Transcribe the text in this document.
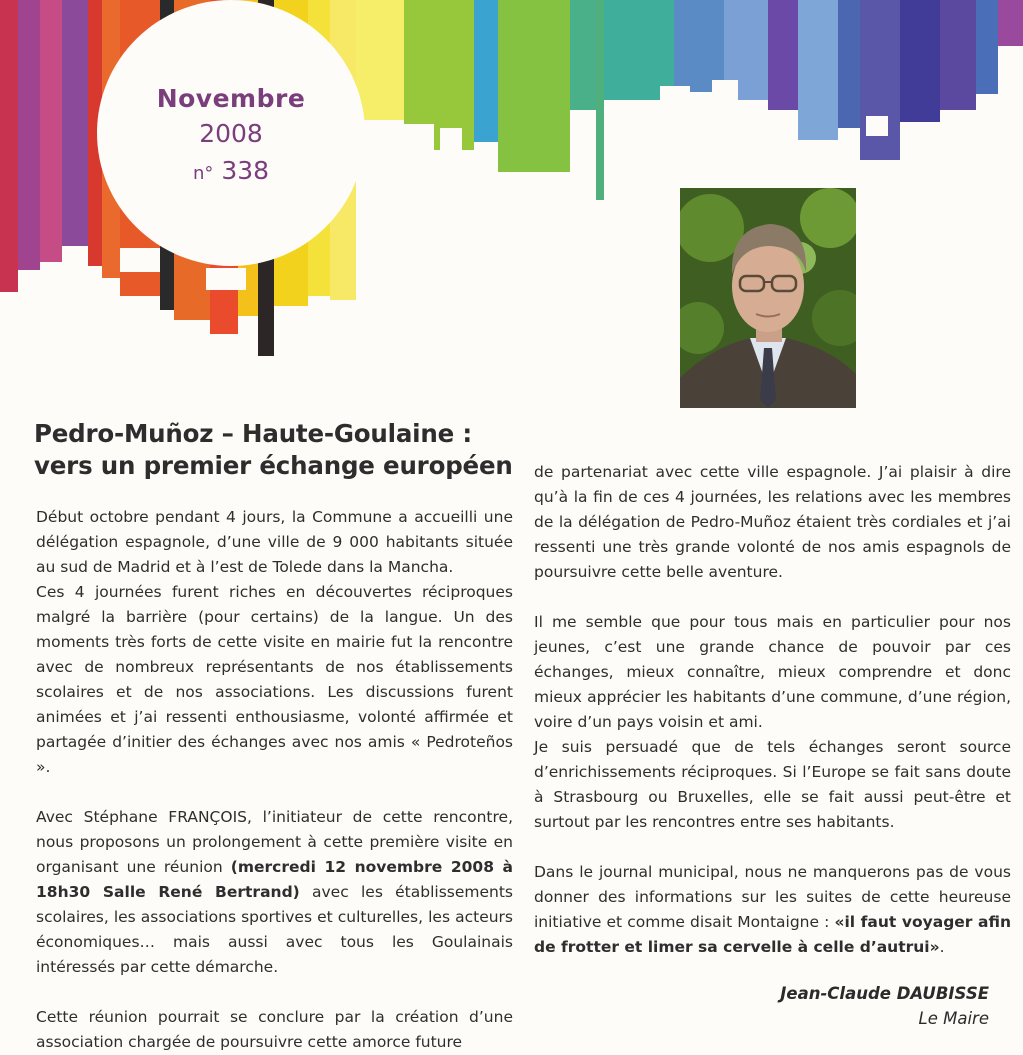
Novembre
2008
n° 338
Pedro-Muñoz – Haute-Goulaine :
vers un premier échange européen

Début octobre pendant 4 jours, la Commune a accueilli une délégation espagnole, d’une ville de 9 000 habitants située au sud de Madrid et à l’est de Tolede dans la Mancha.

Ces 4 journées furent riches en découvertes réciproques malgré la barrière (pour certains) de la langue. Un des moments très forts de cette visite en mairie fut la rencontre avec de nombreux représentants de nos établissements scolaires et de nos associations. Les discussions furent animées et j’ai ressenti enthousiasme, volonté affirmée et partagée d’initier des échanges avec nos amis « Pedroteños ».

Avec Stéphane FRANÇOIS, l’initiateur de cette rencontre, nous proposons un prolongement à cette première visite en organisant une réunion (mercredi 12 novembre 2008 à 18h30 Salle René Bertrand) avec les établissements scolaires, les associations sportives et culturelles, les acteurs économiques… mais aussi avec tous les Goulainais intéressés par cette démarche.

Cette réunion pourrait se conclure par la création d’une association chargée de poursuivre cette amorce future

de partenariat avec cette ville espagnole. J’ai plaisir à dire qu’à la fin de ces 4 journées, les relations avec les membres de la délégation de Pedro-Muñoz étaient très cordiales et j’ai ressenti une très grande volonté de nos amis espagnols de poursuivre cette belle aventure.

Il me semble que pour tous mais en particulier pour nos jeunes, c’est une grande chance de pouvoir par ces échanges, mieux connaître, mieux comprendre et donc mieux apprécier les habitants d’une commune, d’une région, voire d’un pays voisin et ami.

Je suis persuadé que de tels échanges seront source d’enrichissements réciproques. Si l’Europe se fait sans doute à Strasbourg ou Bruxelles, elle se fait aussi peut-être et surtout par les rencontres entre ses habitants.

Dans le journal municipal, nous ne manquerons pas de vous donner des informations sur les suites de cette heureuse initiative et comme disait Montaigne : «il faut voyager afin de frotter et limer sa cervelle à celle d’autrui».

Jean-Claude DAUBISSE
Le Maire
